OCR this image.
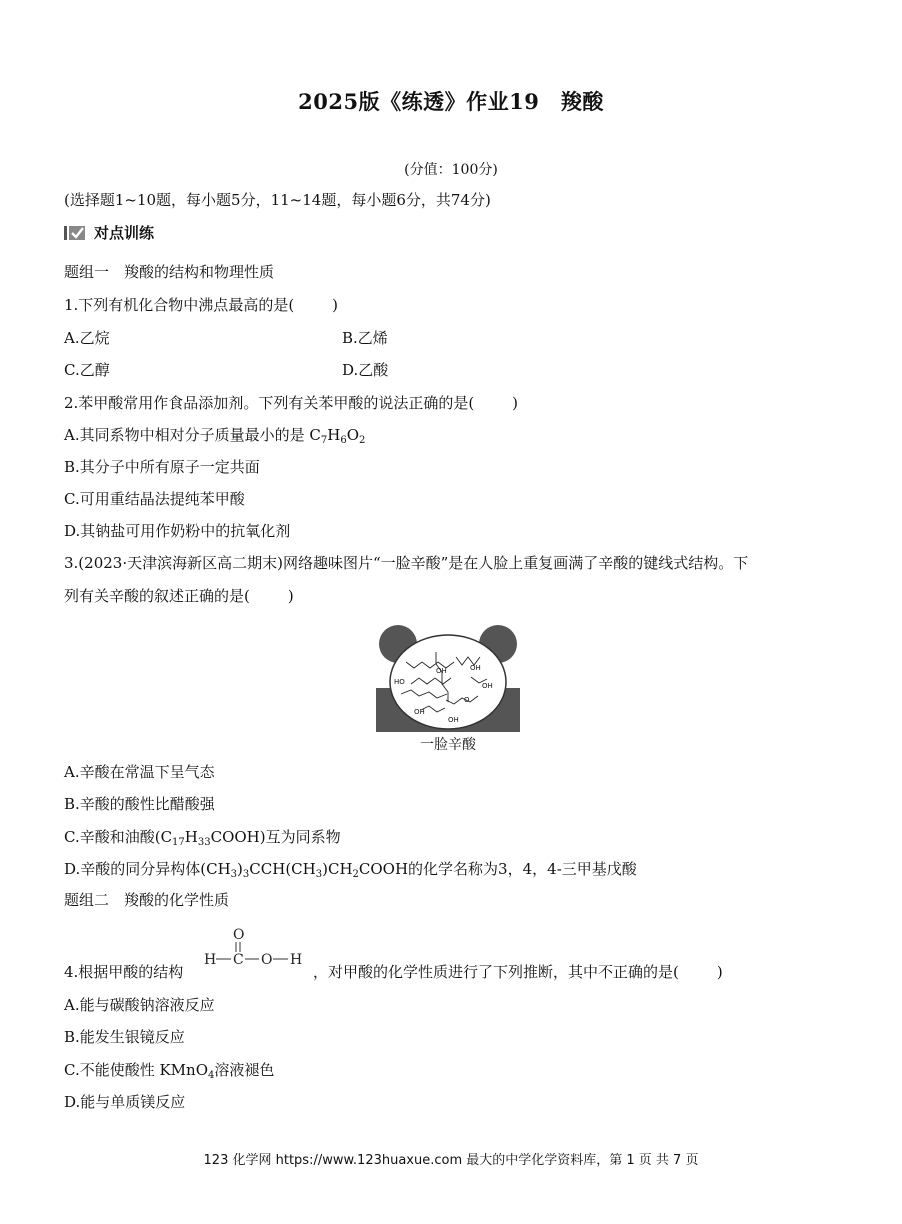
2025版《练透》作业19　羧酸
(分值：100分)
(选择题1~10题，每小题5分，11~14题，每小题6分，共74分)
对点训练
题组一　羧酸的结构和物理性质
1.下列有机化合物中沸点最高的是(	)
A.乙烷	B.乙烯
C.乙醇	D.乙酸
2.苯甲酸常用作食品添加剂。下列有关苯甲酸的说法正确的是(	)
A.其同系物中相对分子质量最小的是 $C_7H_6O_2$
B.其分子中所有原子一定共面
C.可用重结晶法提纯苯甲酸
D.其钠盐可用作奶粉中的抗氧化剂
3.(2023·天津滨海新区高二期末)网络趣味图片“一脸辛酸”是在人脸上重复画满了辛酸的键线式结构。下
列有关辛酸的叙述正确的是(	)
OH
OH
HO	OH
O
OH
OH
一脸辛酸
A.辛酸在常温下呈气态
B.辛酸的酸性比醋酸强
C.辛酸和油酸$(C_{17}H_{33}COOH)$互为同系物
D.辛酸的同分异构体$(CH_3)_3CCH(CH_3)CH_2COOH$的化学名称为3，4，4-三甲基戊酸
题组二　羧酸的化学性质
4.根据甲酸的结构
O
H C O H
，对甲酸的化学性质进行了下列推断，其中不正确的是(	)
A.能与碳酸钠溶液反应
B.能发生银镜反应
C.不能使酸性 KMnO$_4$溶液褪色
D.能与单质镁反应
123 化学网 https://www.123huaxue.com 最大的中学化学资料库，第 1 页 共 7 页
